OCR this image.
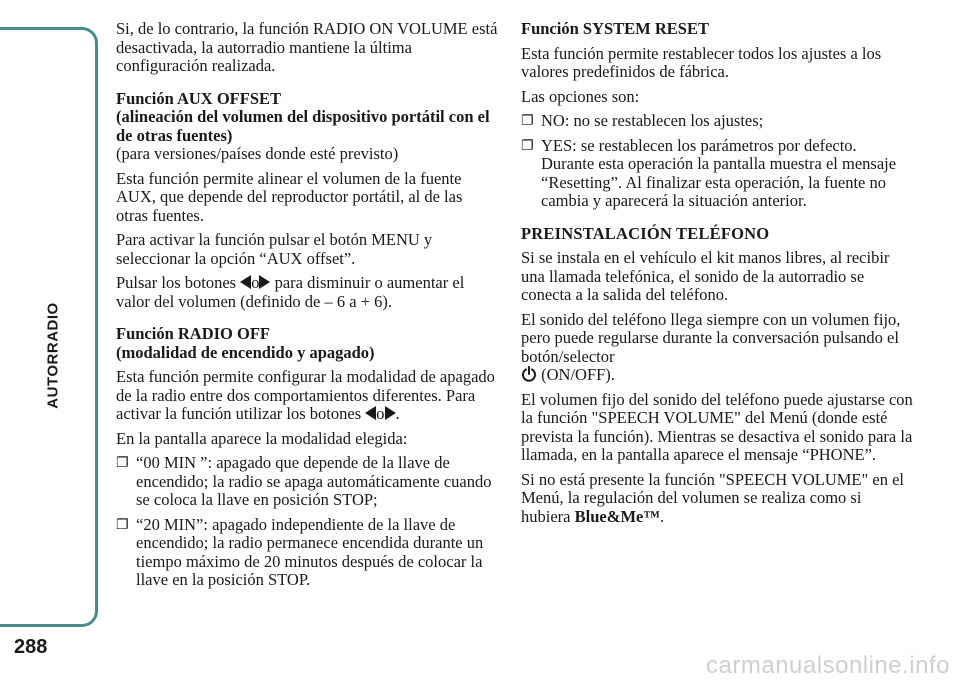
AUTORRADIO
288
carmanualsonline.info

Si, de lo contrario, la función RADIO ON VOLUME está desactivada, la autorradio mantiene la última configuración realizada.

Función AUX OFFSET
(alineación del volumen del dispositivo portátil con el de otras fuentes)
(para versiones/países donde esté previsto)

Esta función permite alinear el volumen de la fuente AUX, que depende del reproductor portátil, al de las otras fuentes.

Para activar la función pulsar el botón MENU y seleccionar la opción “AUX offset”.

Pulsar los botones o para disminuir o aumentar el valor del volumen (definido de – 6 a + 6).

Función RADIO OFF
(modalidad de encendido y apagado)

Esta función permite configurar la modalidad de apagado de la radio entre dos comportamientos diferentes. Para activar la función utilizar los botones o .

En la pantalla aparece la modalidad elegida:

❐ “00 MIN ”: apagado que depende de la llave de encendido; la radio se apaga automáticamente cuando se coloca la llave en posición STOP;
❐ “20 MIN”: apagado independiente de la llave de encendido; la radio permanece encendida durante un tiempo máximo de 20 minutos después de colocar la llave en la posición STOP.

Función SYSTEM RESET

Esta función permite restablecer todos los ajustes a los valores predefinidos de fábrica.

Las opciones son:

❐ NO: no se restablecen los ajustes;
❐ YES: se restablecen los parámetros por defecto. Durante esta operación la pantalla muestra el mensaje “Resetting”. Al finalizar esta operación, la fuente no cambia y aparecerá la situación anterior.

PREINSTALACIÓN TELÉFONO

Si se instala en el vehículo el kit manos libres, al recibir una llamada telefónica, el sonido de la autorradio se conecta a la salida del teléfono.

El sonido del teléfono llega siempre con un volumen fijo, pero puede regularse durante la conversación pulsando el botón/selector
(ON/OFF).

El volumen fijo del sonido del teléfono puede ajustarse con la función "SPEECH VOLUME" del Menú (donde esté prevista la función). Mientras se desactiva el sonido para la llamada, en la pantalla aparece el mensaje “PHONE”.

Si no está presente la función "SPEECH VOLUME" en el Menú, la regulación del volumen se realiza como si hubiera Blue&Me™.
